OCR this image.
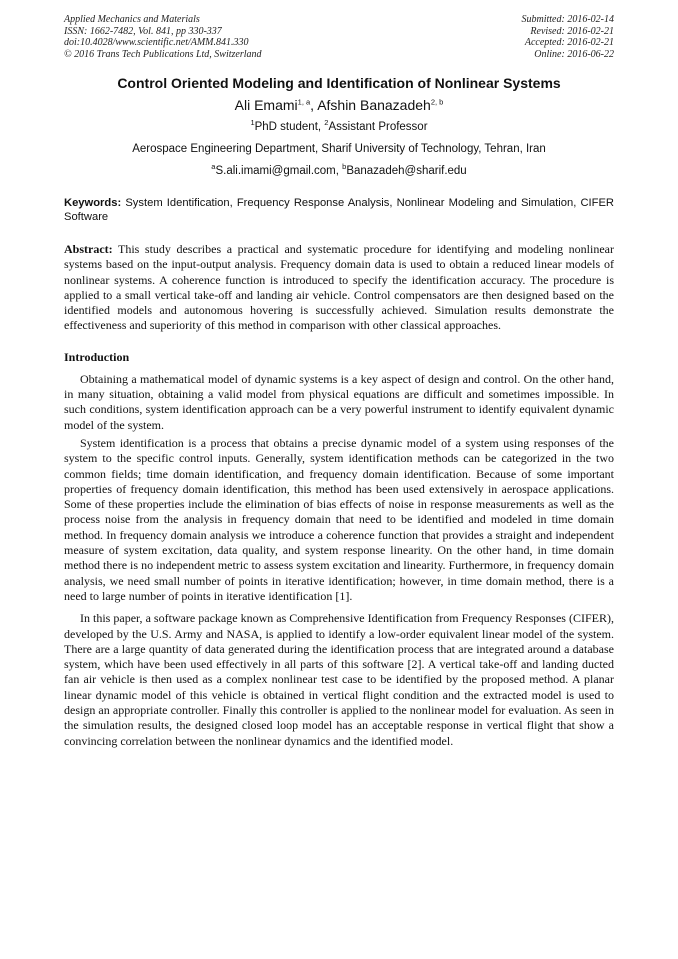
Applied Mechanics and Materials
ISSN: 1662-7482, Vol. 841, pp 330-337
doi:10.4028/www.scientific.net/AMM.841.330
© 2016 Trans Tech Publications Ltd, Switzerland
Submitted: 2016-02-14
Revised: 2016-02-21
Accepted: 2016-02-21
Online: 2016-06-22
Control Oriented Modeling and Identification of Nonlinear Systems
Ali Emami$^{1, a}$, Afshin Banazadeh$^{2, b}$
$^1$PhD student, $^2$Assistant Professor
Aerospace Engineering Department, Sharif University of Technology, Tehran, Iran
$^a$S.ali.imami@gmail.com, $^b$Banazadeh@sharif.edu
Keywords: System Identification, Frequency Response Analysis, Nonlinear Modeling and Simulation, CIFER Software
Abstract: This study describes a practical and systematic procedure for identifying and modeling nonlinear systems based on the input-output analysis. Frequency domain data is used to obtain a reduced linear models of nonlinear systems. A coherence function is introduced to specify the identification accuracy. The procedure is applied to a small vertical take-off and landing air vehicle. Control compensators are then designed based on the identified models and autonomous hovering is successfully achieved. Simulation results demonstrate the effectiveness and superiority of this method in comparison with other classical approaches.
Introduction

Obtaining a mathematical model of dynamic systems is a key aspect of design and control. On the other hand, in many situation, obtaining a valid model from physical equations are difficult and sometimes impossible. In such conditions, system identification approach can be a very powerful instrument to identify equivalent dynamic model of the system.

System identification is a process that obtains a precise dynamic model of a system using responses of the system to the specific control inputs. Generally, system identification methods can be categorized in the two common fields; time domain identification, and frequency domain identification. Because of some important properties of frequency domain identification, this method has been used extensively in aerospace applications. Some of these properties include the elimination of bias effects of noise in response measurements as well as the process noise from the analysis in frequency domain that need to be identified and modeled in time domain method. In frequency domain analysis we introduce a coherence function that provides a straight and independent measure of system excitation, data quality, and system response linearity. On the other hand, in time domain method there is no independent metric to assess system excitation and linearity. Furthermore, in frequency domain analysis, we need small number of points in iterative identification; however, in time domain method, there is a need to large number of points in iterative identification [1].

In this paper, a software package known as Comprehensive Identification from Frequency Responses (CIFER), developed by the U.S. Army and NASA, is applied to identify a low-order equivalent linear model of the system. There are a large quantity of data generated during the identification process that are integrated around a database system, which have been used effectively in all parts of this software [2]. A vertical take-off and landing ducted fan air vehicle is then used as a complex nonlinear test case to be identified by the proposed method. A planar linear dynamic model of this vehicle is obtained in vertical flight condition and the extracted model is used to design an appropriate controller. Finally this controller is applied to the nonlinear model for evaluation. As seen in the simulation results, the designed closed loop model has an acceptable response in vertical flight that show a convincing correlation between the nonlinear dynamics and the identified model.
